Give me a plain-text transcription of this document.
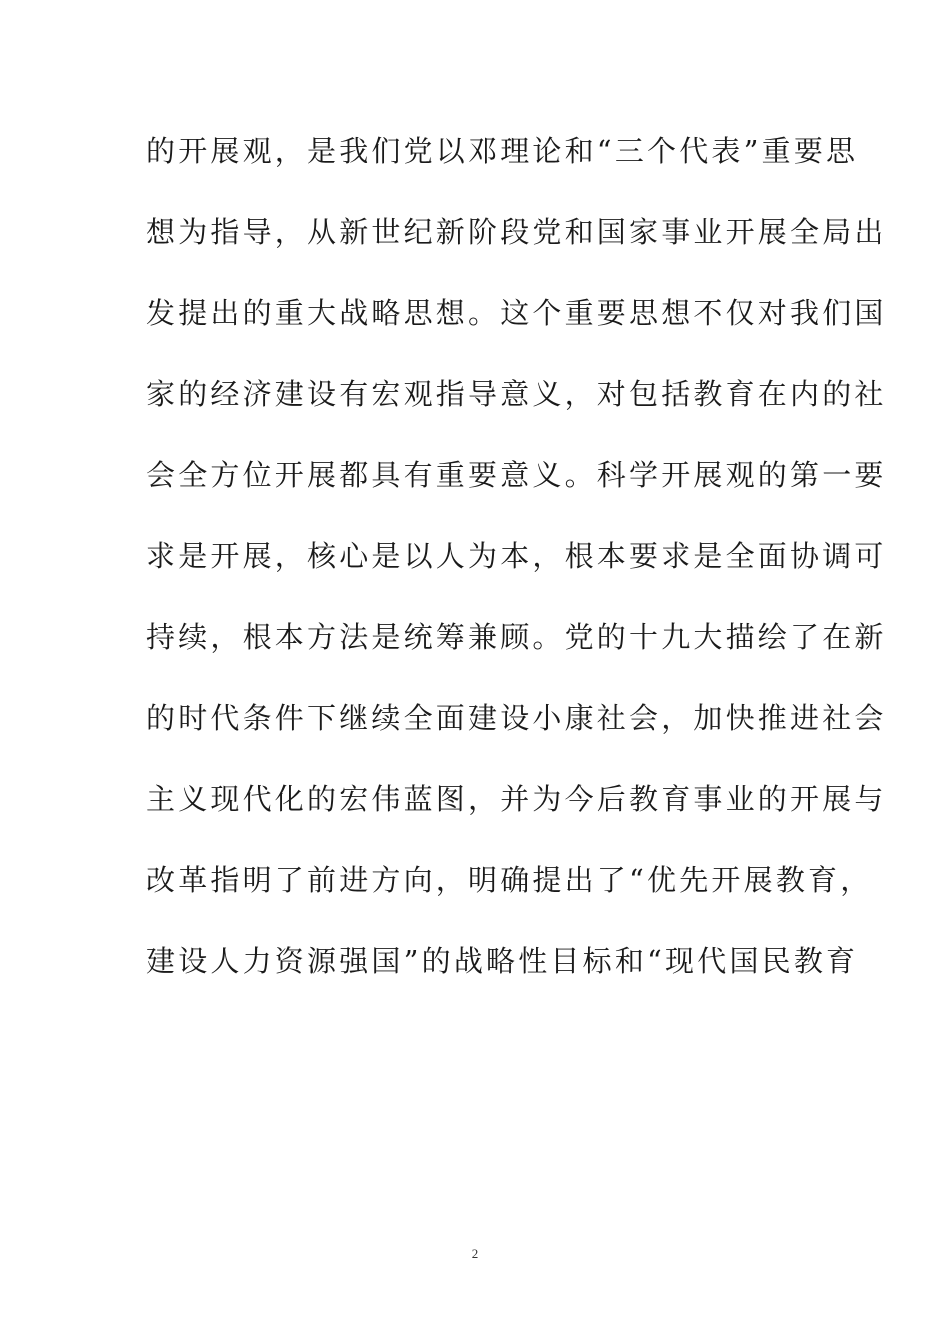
的开展观，是我们党以邓理论和“三个代表”重要思
想为指导，从新世纪新阶段党和国家事业开展全局出
发提出的重大战略思想。这个重要思想不仅对我们国
家的经济建设有宏观指导意义，对包括教育在内的社
会全方位开展都具有重要意义。科学开展观的第一要
求是开展，核心是以人为本，根本要求是全面协调可
持续，根本方法是统筹兼顾。党的十九大描绘了在新
的时代条件下继续全面建设小康社会，加快推进社会
主义现代化的宏伟蓝图，并为今后教育事业的开展与
改革指明了前进方向，明确提出了“优先开展教育，
建设人力资源强国”的战略性目标和“现代国民教育
2
